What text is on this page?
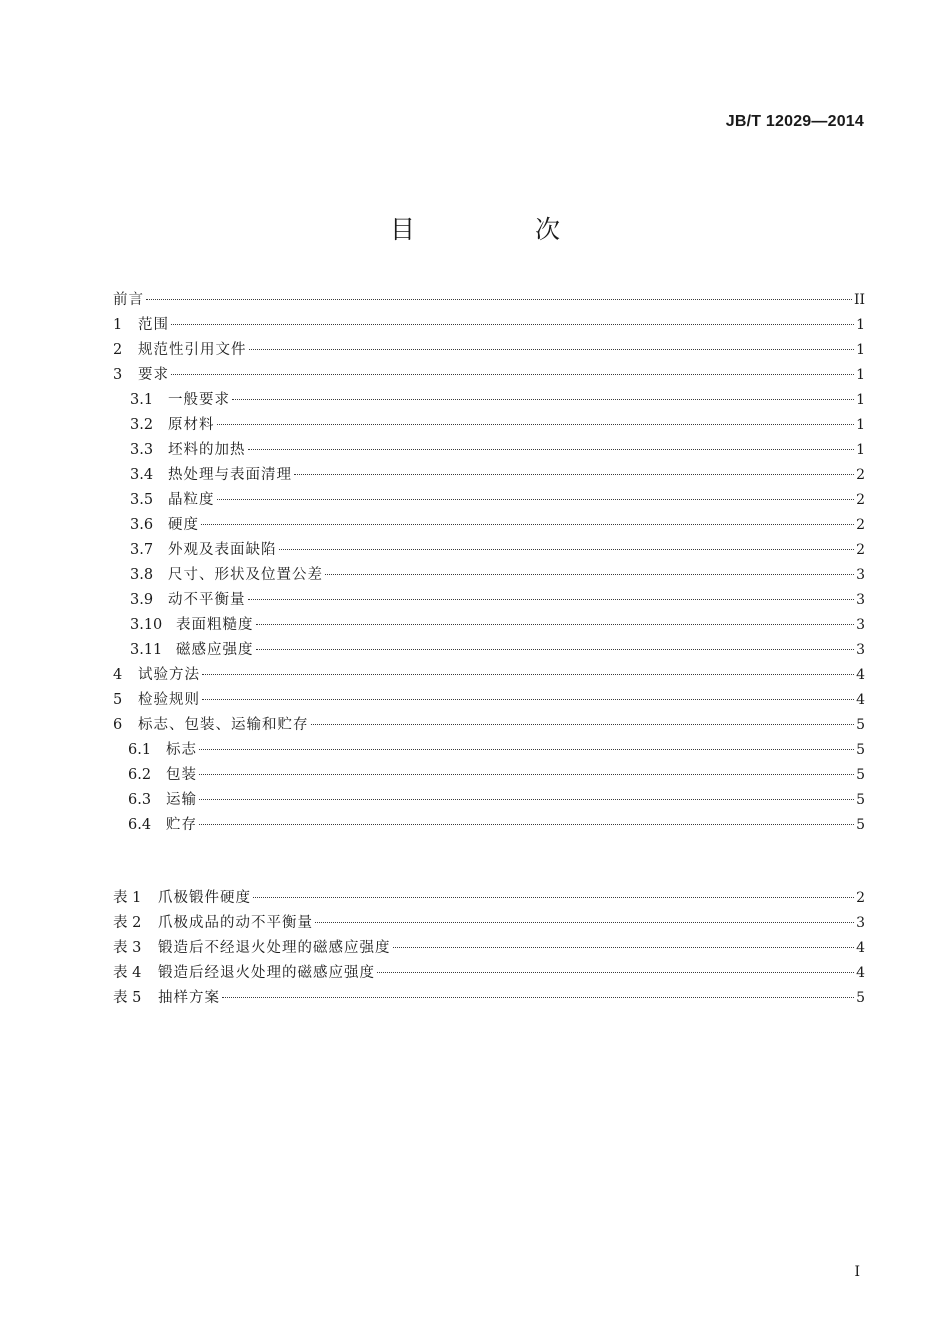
JB/T 12029—2014
目 次
前言	II
1	范围	1
2	规范性引用文件	1
3	要求	1
3.1	一般要求	1
3.2	原材料	1
3.3	坯料的加热	1
3.4	热处理与表面清理	2
3.5	晶粒度	2
3.6	硬度	2
3.7	外观及表面缺陷	2
3.8	尺寸、形状及位置公差	3
3.9	动不平衡量	3
3.10 表面粗糙度	3
3.11 磁感应强度	3
4	试验方法	4
5	检验规则	4
6	标志、包装、运输和贮存	5
6.1	标志	5
6.2	包装	5
6.3	运输	5
6.4	贮存	5
表 1	爪极锻件硬度	2
表 2	爪极成品的动不平衡量	3
表 3	锻造后不经退火处理的磁感应强度	4
表 4	锻造后经退火处理的磁感应强度	4
表 5	抽样方案	5
I
